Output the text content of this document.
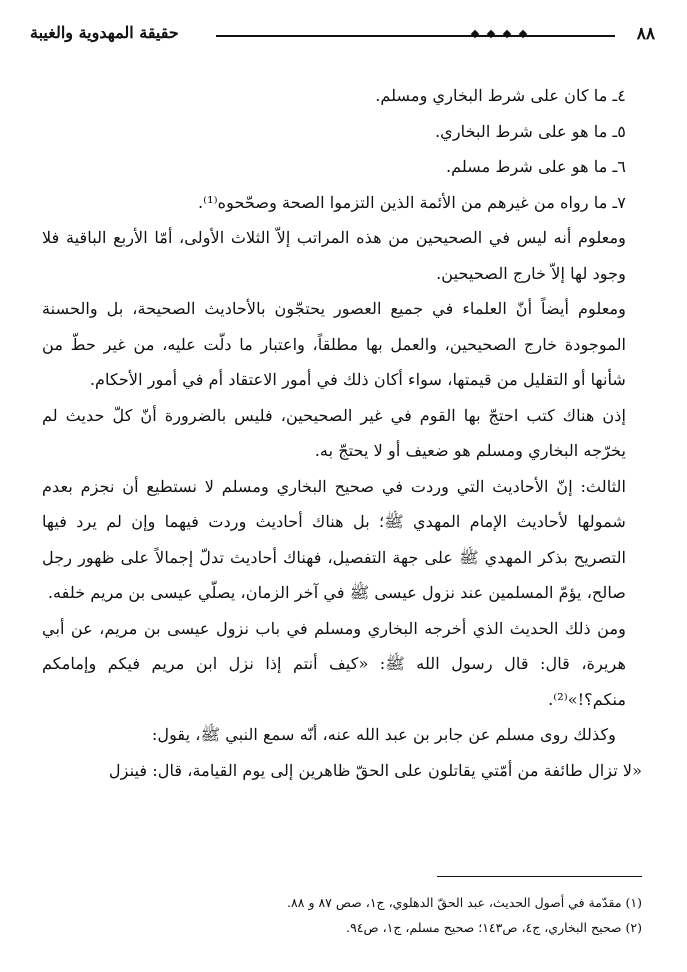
٨٨
حقيقة المهدوية والغيبة

٤ـ ما كان على شرط البخاري ومسلم.

٥ـ ما هو على شرط البخاري.

٦ـ ما هو على شرط مسلم.

٧ـ ما رواه من غيرهم من الأئمة الذين التزموا الصحة وصحّحوه⁽¹⁾.

ومعلوم أنه ليس في الصحيحين من هذه المراتب إلاّ الثلاث الأولى، أمّا الأربع الباقية فلا وجود لها إلاّ خارج الصحيحين.

ومعلوم أيضاً أنّ العلماء في جميع العصور يحتجّون بالأحاديث الصحيحة، بل والحسنة الموجودة خارج الصحيحين، والعمل بها مطلقاً، واعتبار ما دلّت عليه، من غير حطّ من شأنها أو التقليل من قيمتها، سواء أكان ذلك في أمور الاعتقاد أم في أمور الأحكام.

إذن هناك كتب احتجّ بها القوم في غير الصحيحين، فليس بالضرورة أنّ كلّ حديث لم يخرّجه البخاري ومسلم هو ضعيف أو لا يحتجّ به.

الثالث: إنّ الأحاديث التي وردت في صحيح البخاري ومسلم لا نستطيع أن نجزم بعدم شمولها لأحاديث الإمام المهدي ﷺ؛ بل هناك أحاديث وردت فيهما وإن لم يرد فيها التصريح بذكر المهدي ﷺ على جهة التفصيل، فهناك أحاديث تدلّ إجمالاً على ظهور رجل صالح، يؤمّ المسلمين عند نزول عيسى ﷺ في آخر الزمان، يصلّي عيسى بن مريم خلفه.

ومن ذلك الحديث الذي أخرجه البخاري ومسلم في باب نزول عيسى بن مريم، عن أبي هريرة، قال: قال رسول الله ﷺ: «كيف أنتم إذا نزل ابن مريم فيكم وإمامكم منكم؟!»⁽²⁾.

وكذلك روى مسلم عن جابر بن عبد الله عنه، أنّه سمع النبي ﷺ، يقول:

«لا تزال طائفة من أمّتي يقاتلون على الحقّ ظاهرين إلى يوم القيامة، قال: فينزل

(١) مقدّمة في أصول الحديث، عبد الحقّ الدهلوي، ج١، صص ٨٧ و ٨٨.

(٢) صحيح البخاري، ج٤، ص١٤٣؛ صحيح مسلم، ج١، ص٩٤.
